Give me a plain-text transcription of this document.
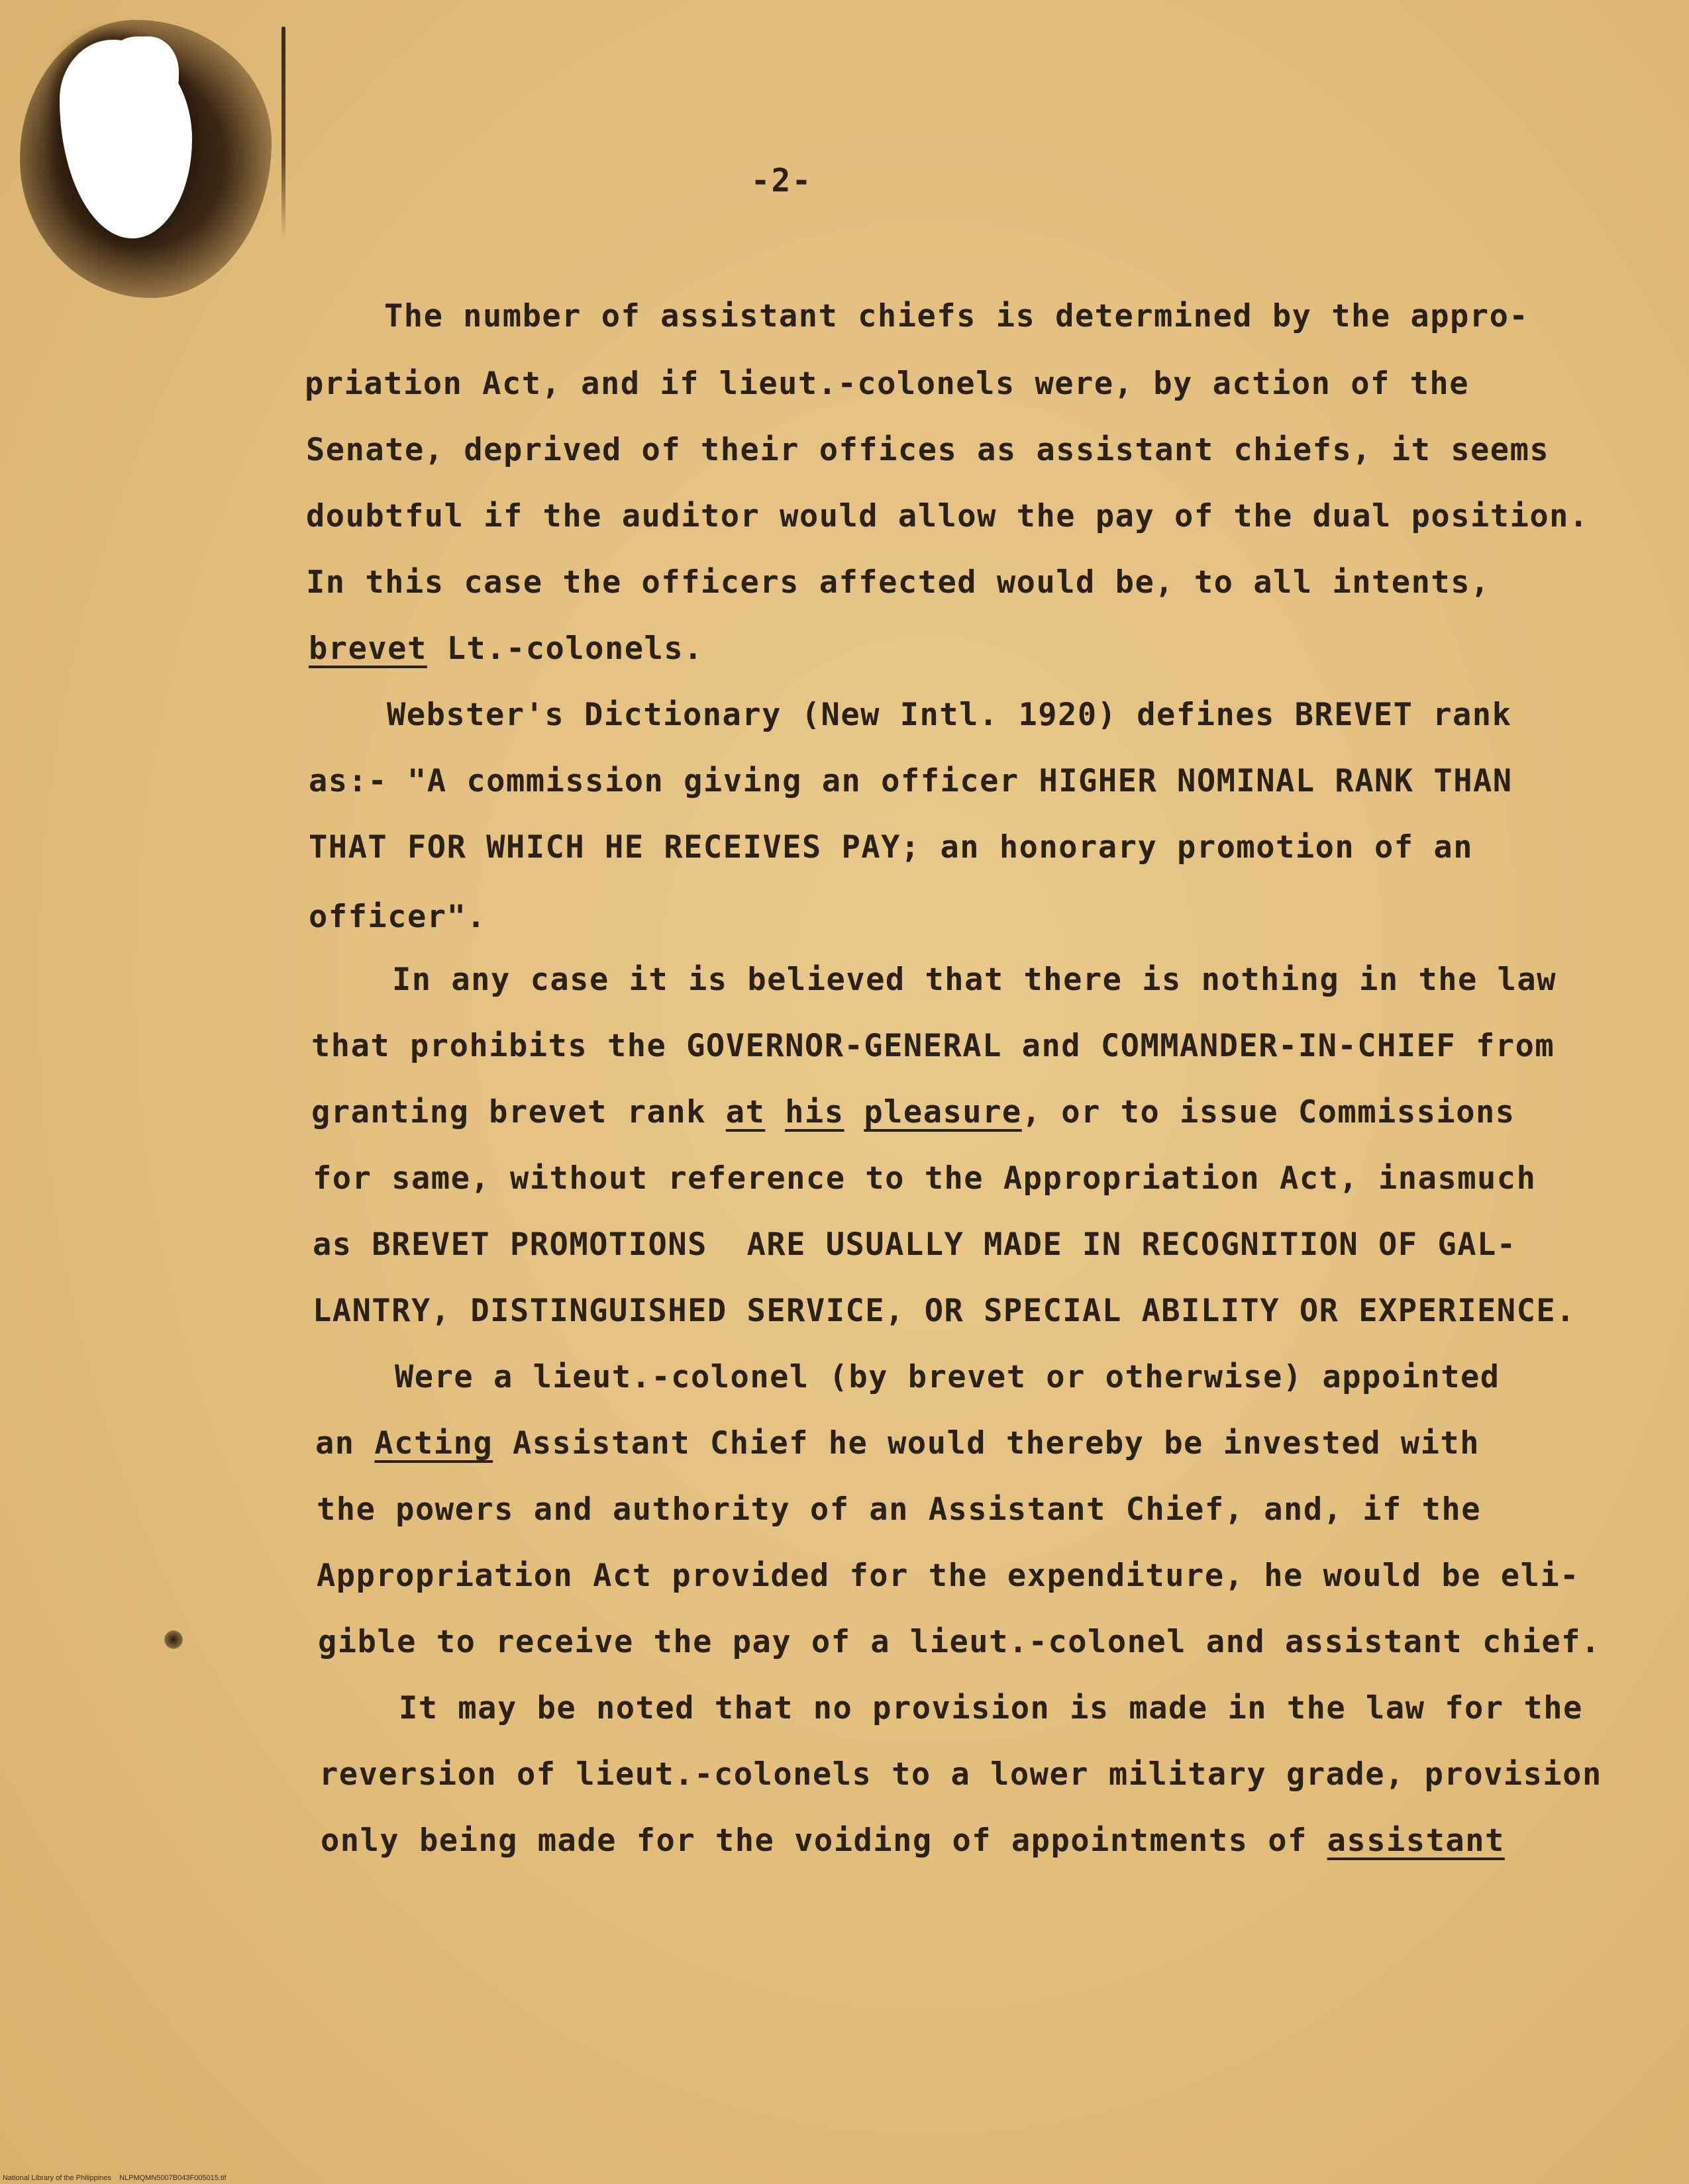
-2-
The number of assistant chiefs is determined by the appro-
priation Act, and if lieut.-colonels were, by action of the
Senate, deprived of their offices as assistant chiefs, it seems
doubtful if the auditor would allow the pay of the dual position.
In this case the officers affected would be, to all intents,
brevet Lt.-colonels.
Webster's Dictionary (New Intl. 1920) defines BREVET rank
as:- "A commission giving an officer HIGHER NOMINAL RANK THAN
THAT FOR WHICH HE RECEIVES PAY; an honorary promotion of an
officer".
In any case it is believed that there is nothing in the law
that prohibits the GOVERNOR-GENERAL and COMMANDER-IN-CHIEF from
granting brevet rank at his pleasure, or to issue Commissions
for same, without reference to the Appropriation Act, inasmuch
as BREVET PROMOTIONS  ARE USUALLY MADE IN RECOGNITION OF GAL-
LANTRY, DISTINGUISHED SERVICE, OR SPECIAL ABILITY OR EXPERIENCE.
Were a lieut.-colonel (by brevet or otherwise) appointed
an Acting Assistant Chief he would thereby be invested with
the powers and authority of an Assistant Chief, and, if the
Appropriation Act provided for the expenditure, he would be eli-
gible to receive the pay of a lieut.-colonel and assistant chief.
It may be noted that no provision is made in the law for the
reversion of lieut.-colonels to a lower military grade, provision
only being made for the voiding of appointments of assistant
National Library of the Philippines    NLPMQMN5007B043F005015.tif
